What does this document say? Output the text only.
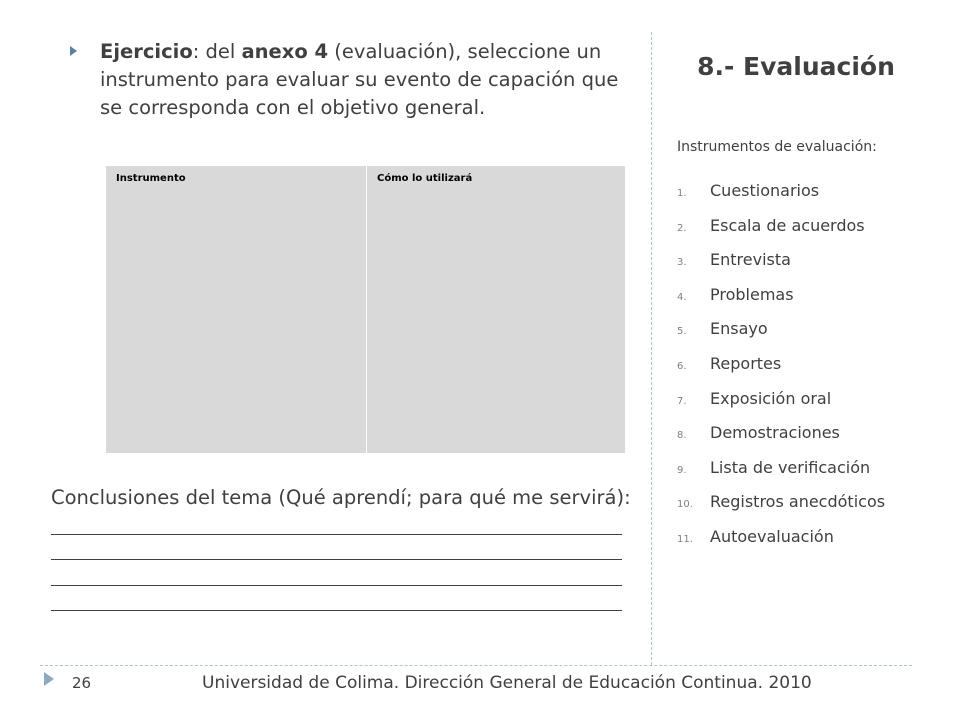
Ejercicio: del anexo 4 (evaluación), seleccione un instrumento para evaluar su evento de capación que se corresponda con el objetivo general.
Instrumento	Cómo lo utilizará
8.- Evaluación
Instrumentos de evaluación:
1. Cuestionarios
2. Escala de acuerdos
3. Entrevista
4. Problemas
5. Ensayo
6. Reportes
7. Exposición oral
8. Demostraciones
9. Lista de verificación
10. Registros anecdóticos
11. Autoevaluación
Conclusiones del tema (Qué aprendí; para qué me servirá):
26	Universidad de Colima. Dirección General de Educación Continua. 2010
